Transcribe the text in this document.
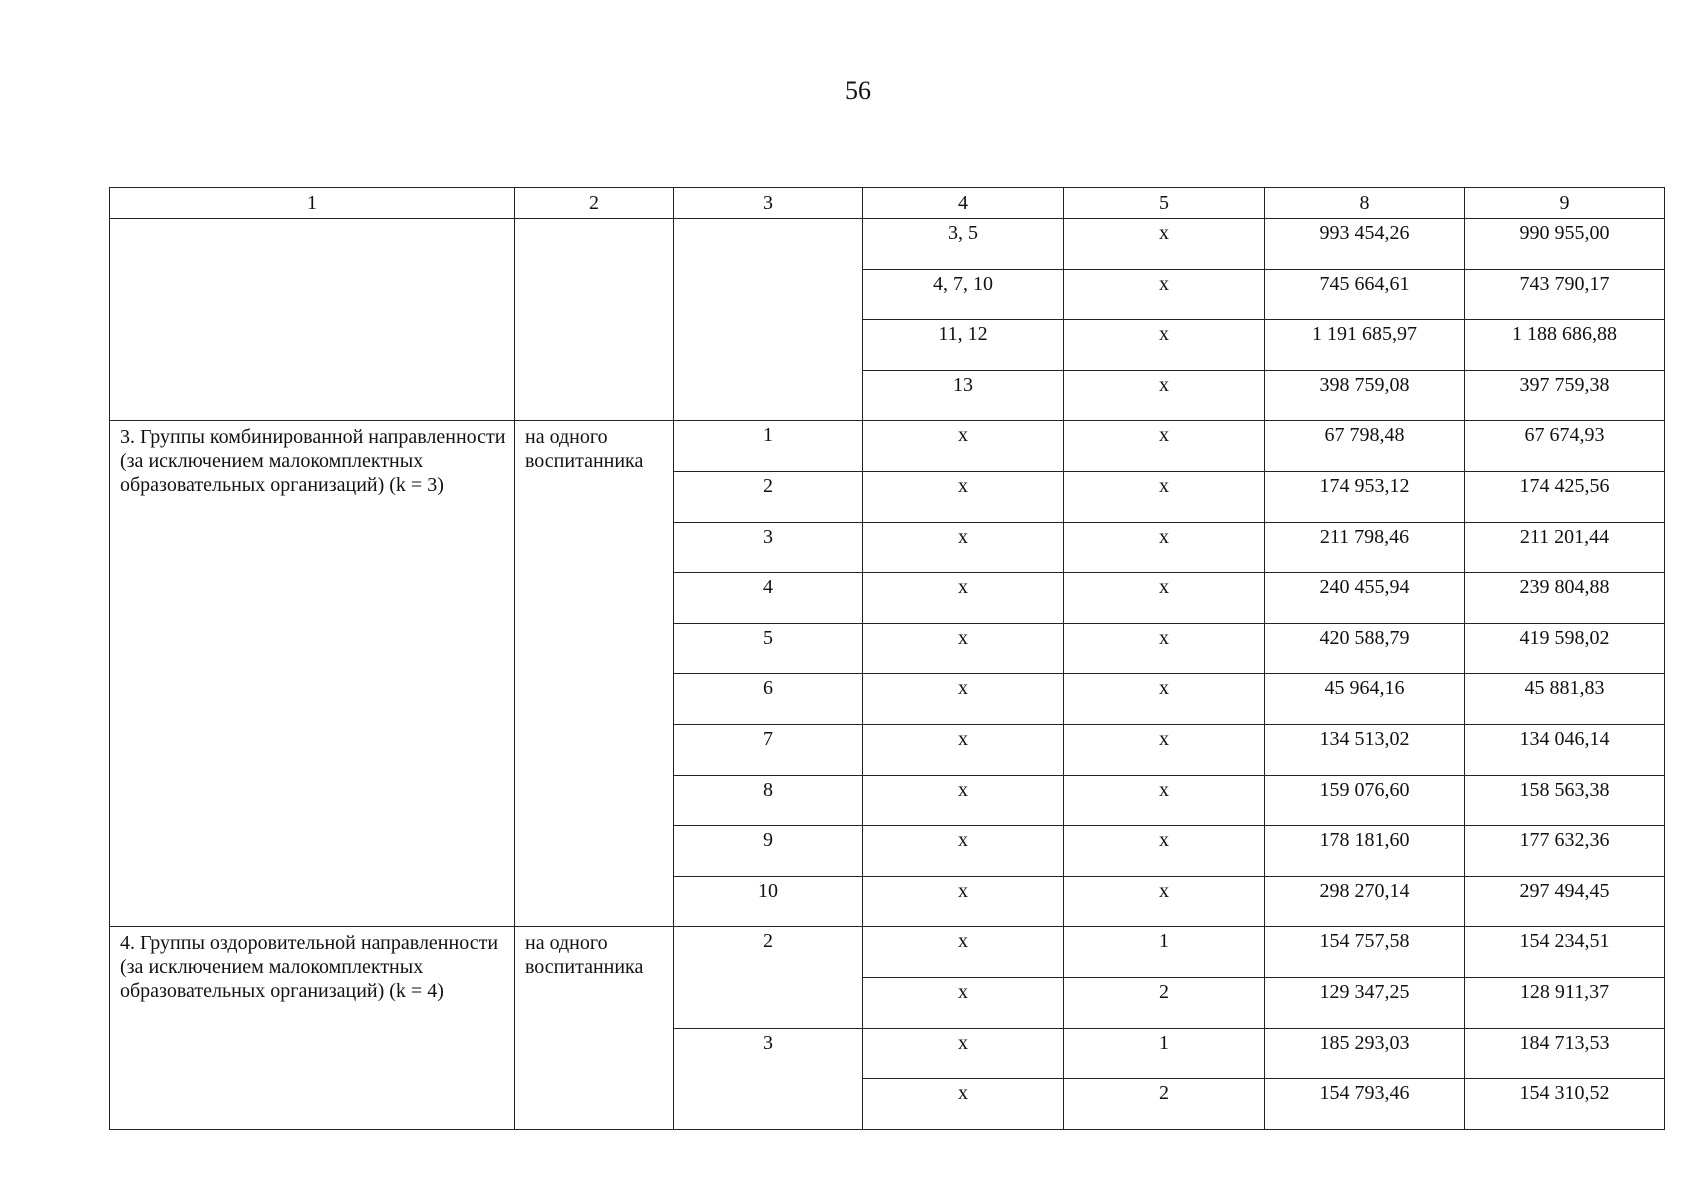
56
1	2	3	4	5	8	9
			3, 5	x	993 454,26	990 955,00
			4, 7, 10	x	745 664,61	743 790,17
			11, 12	x	1 191 685,97	1 188 686,88
			13	x	398 759,08	397 759,38
3. Группы комбинированной направленности (за исключением малокомплектных образовательных организаций) (k = 3)	на одного воспитанника	1	x	x	67 798,48	67 674,93
		2	x	x	174 953,12	174 425,56
		3	x	x	211 798,46	211 201,44
		4	x	x	240 455,94	239 804,88
		5	x	x	420 588,79	419 598,02
		6	x	x	45 964,16	45 881,83
		7	x	x	134 513,02	134 046,14
		8	x	x	159 076,60	158 563,38
		9	x	x	178 181,60	177 632,36
		10	x	x	298 270,14	297 494,45
4. Группы оздоровительной направленности (за исключением малокомплектных образовательных организаций) (k = 4)	на одного воспитанника	2	x	1	154 757,58	154 234,51
			x	2	129 347,25	128 911,37
		3	x	1	185 293,03	184 713,53
			x	2	154 793,46	154 310,52
